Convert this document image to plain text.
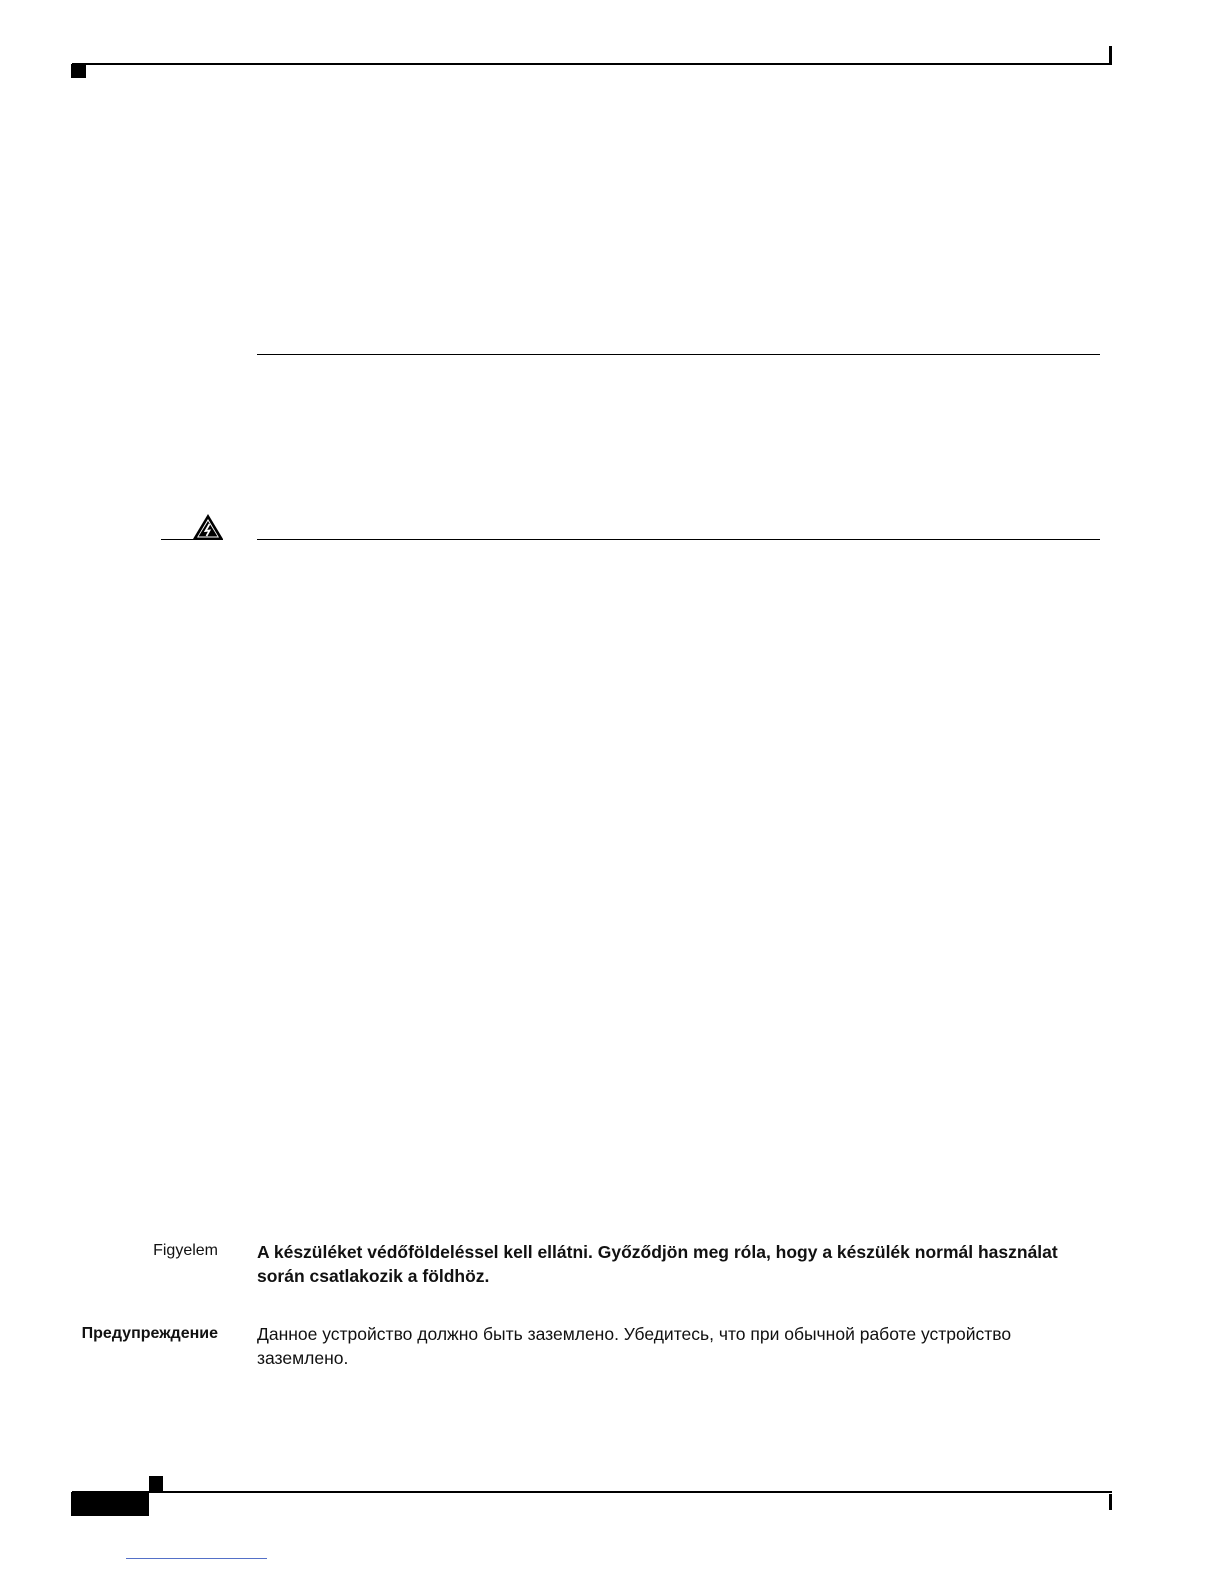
Figyelem A készüléket védőföldeléssel kell ellátni. Győződjön meg róla, hogy a készülék normál használat során csatlakozik a földhöz.
Предупреждение Данное устройство должно быть заземлено. Убедитесь, что при обычной работе устройство заземлено.
